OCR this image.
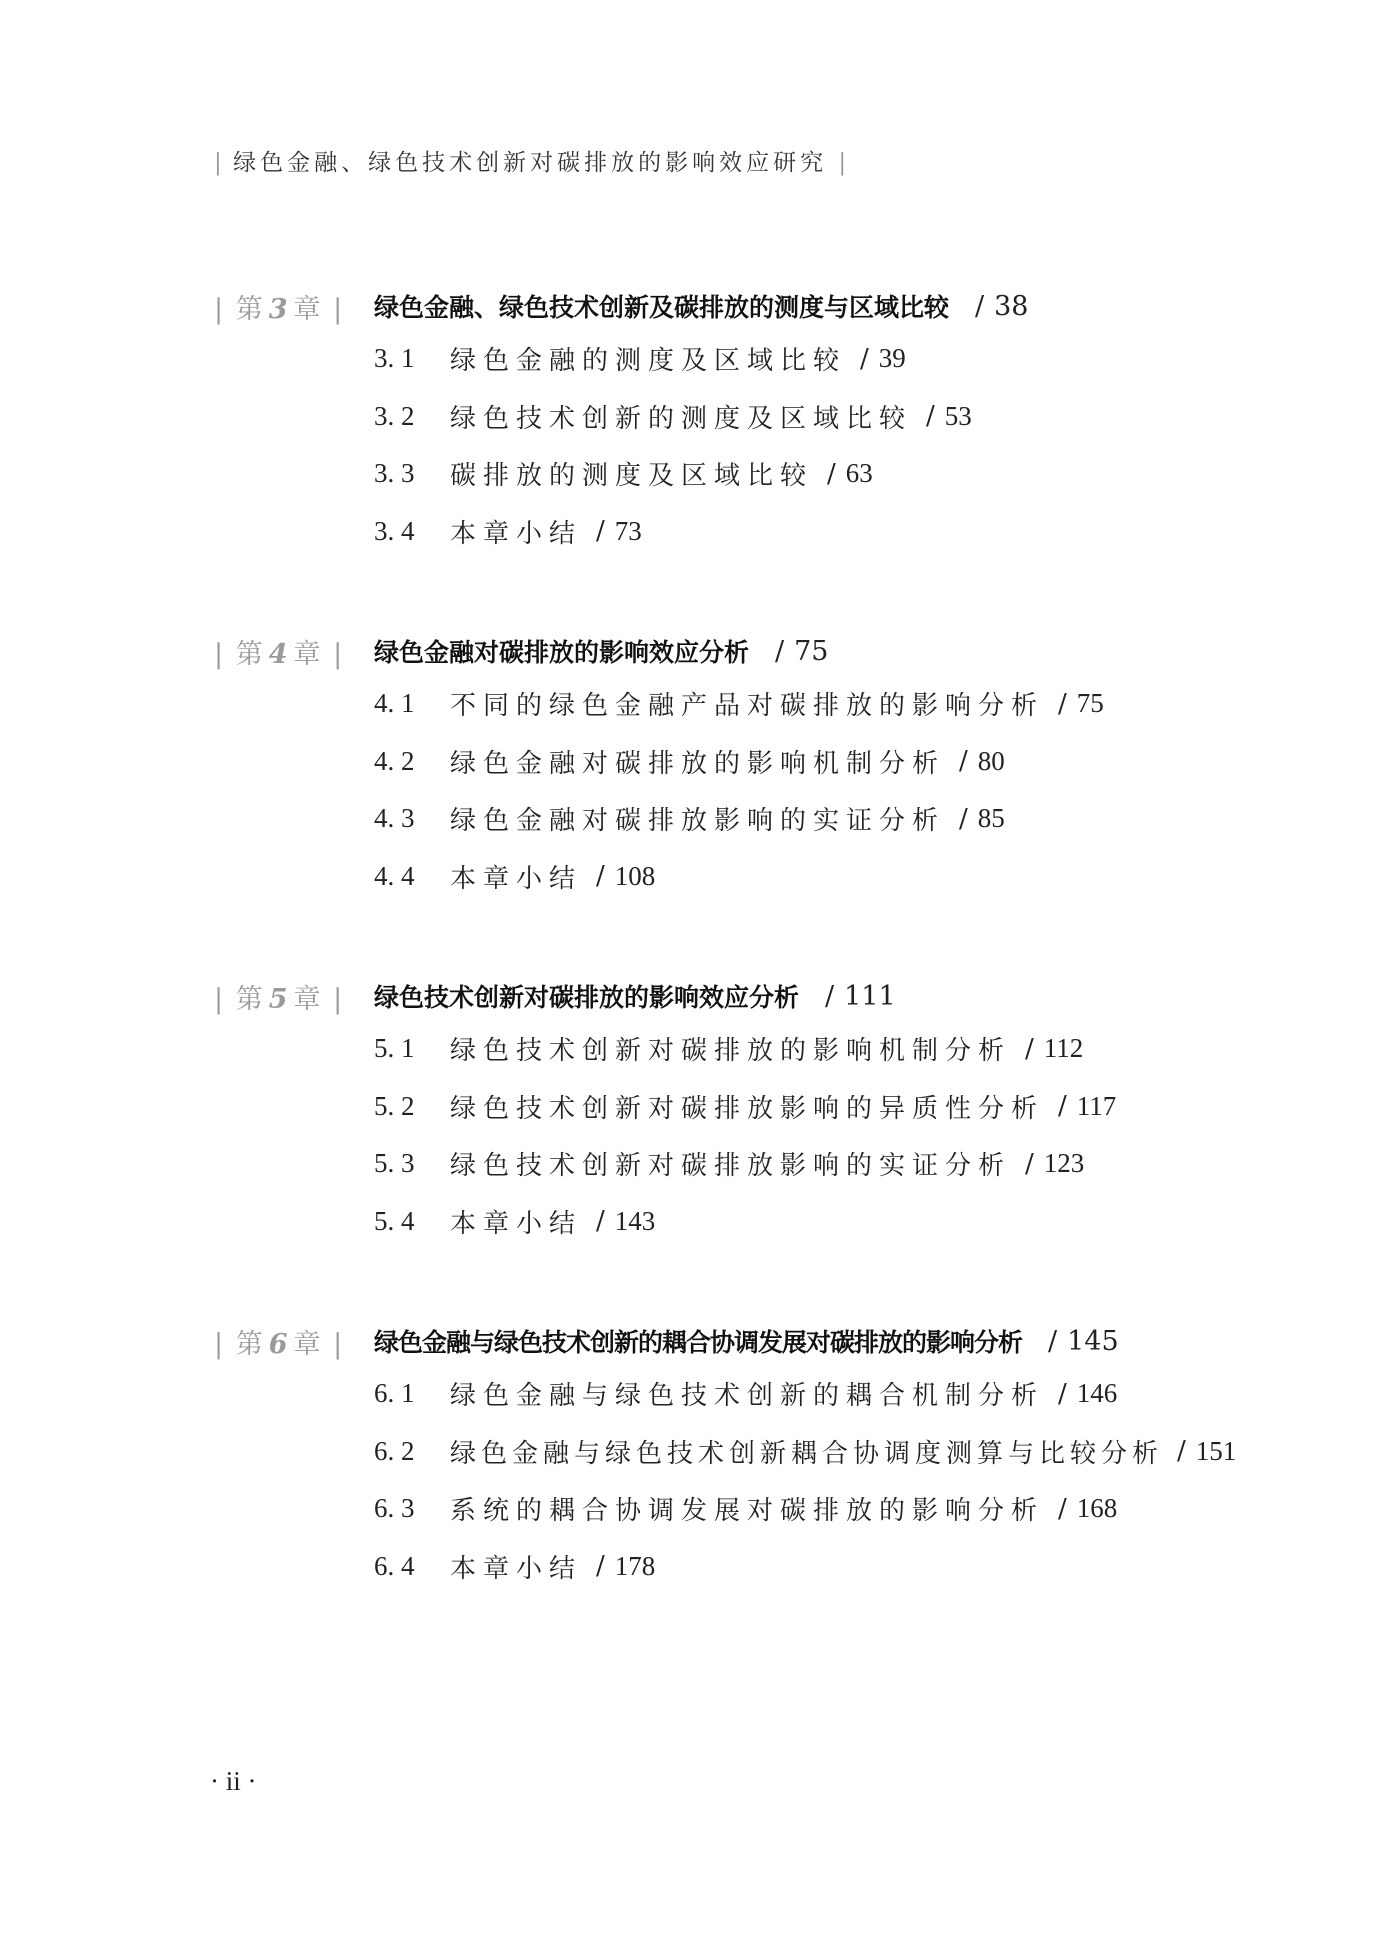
| 绿色金融、绿色技术创新对碳排放的影响效应研究 |
| 第 3 章 |	绿色金融、绿色技术创新及碳排放的测度与区域比较 / 38
3. 1	绿色金融的测度及区域比较 / 39
3. 2	绿色技术创新的测度及区域比较 / 53
3. 3	碳排放的测度及区域比较 / 63
3. 4	本章小结 / 73
| 第 4 章 |	绿色金融对碳排放的影响效应分析 / 75
4. 1	不同的绿色金融产品对碳排放的影响分析 / 75
4. 2	绿色金融对碳排放的影响机制分析 / 80
4. 3	绿色金融对碳排放影响的实证分析 / 85
4. 4	本章小结 / 108
| 第 5 章 |	绿色技术创新对碳排放的影响效应分析 / 111
5. 1	绿色技术创新对碳排放的影响机制分析 / 112
5. 2	绿色技术创新对碳排放影响的异质性分析 / 117
5. 3	绿色技术创新对碳排放影响的实证分析 / 123
5. 4	本章小结 / 143
| 第 6 章 |	绿色金融与绿色技术创新的耦合协调发展对碳排放的影响分析 / 145
6. 1	绿色金融与绿色技术创新的耦合机制分析 / 146
6. 2	绿色金融与绿色技术创新耦合协调度测算与比较分析 / 151
6. 3	系统的耦合协调发展对碳排放的影响分析 / 168
6. 4	本章小结 / 178
· ii ·
